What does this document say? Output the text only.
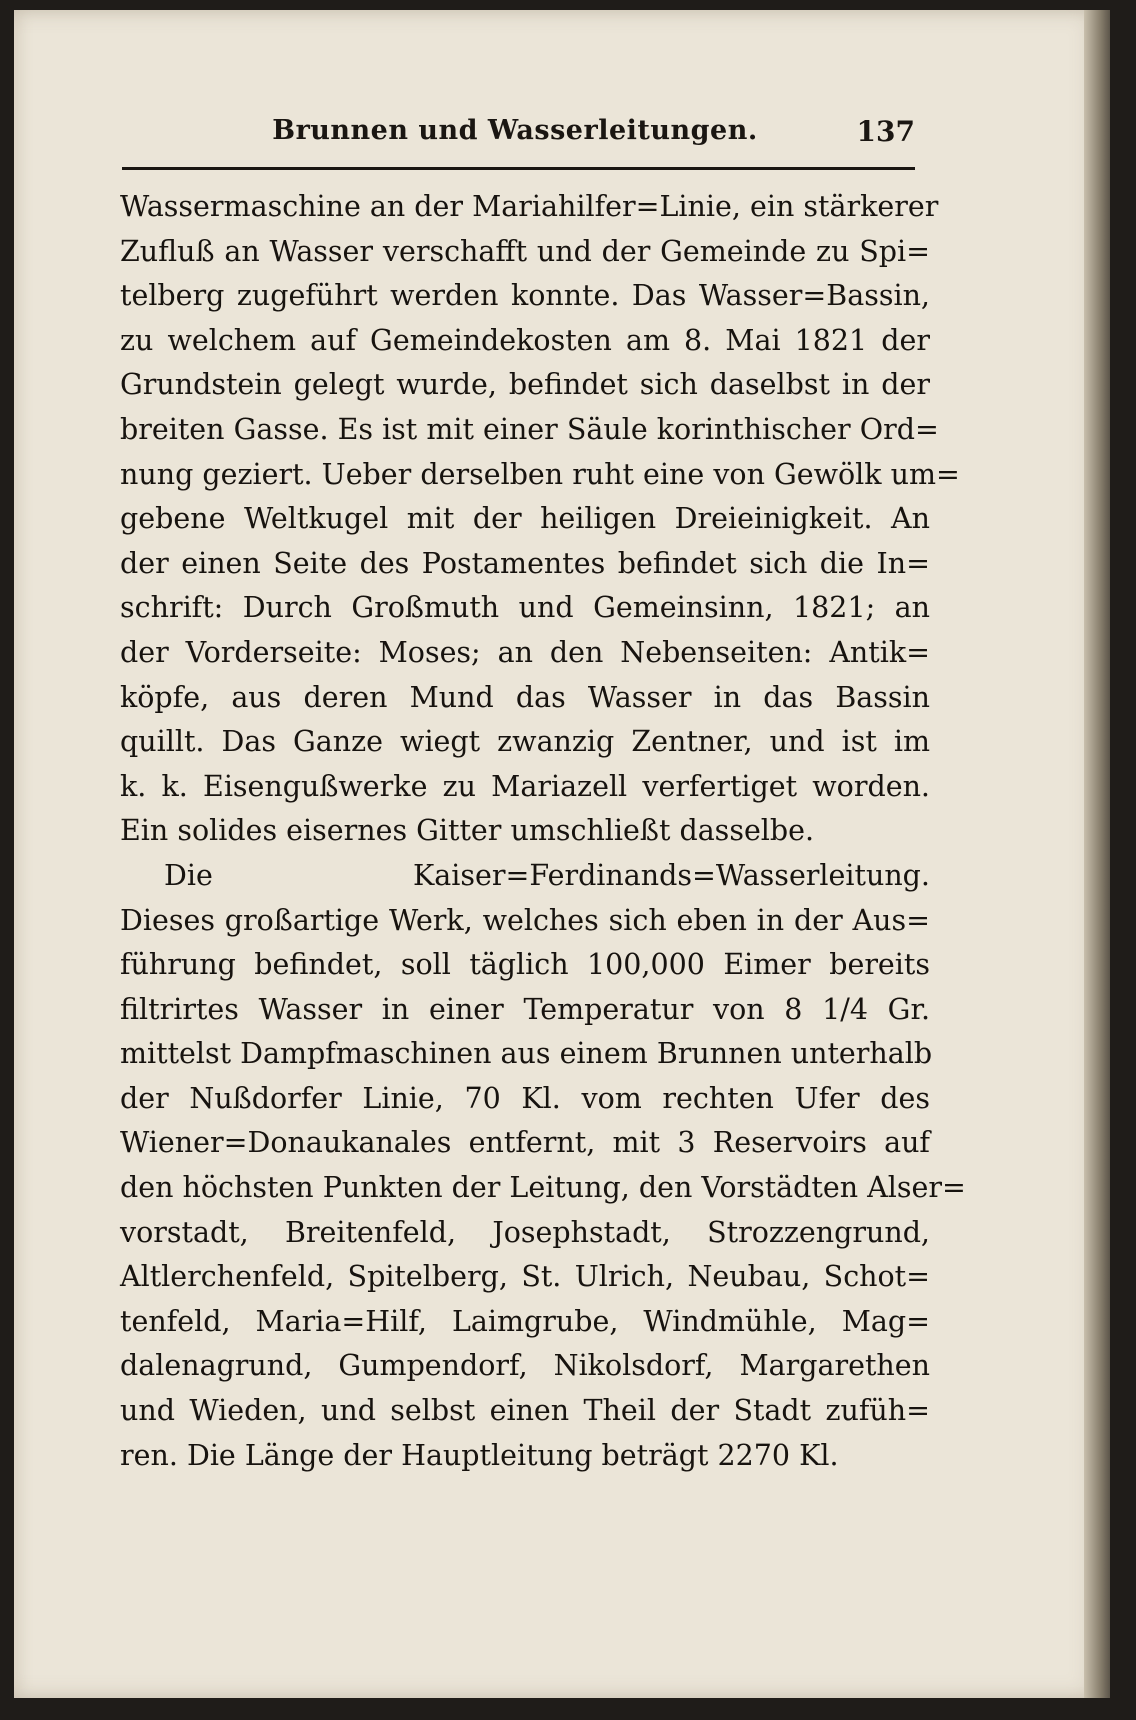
Brunnen und Wasserleitungen.	137
Wassermaschine an der Mariahilfer=Linie, ein stärkerer
Zufluß an Wasser verschafft und der Gemeinde zu Spi=
telberg zugeführt werden konnte. Das Wasser=Bassin,
zu welchem auf Gemeindekosten am 8. Mai 1821 der
Grundstein gelegt wurde, befindet sich daselbst in der
breiten Gasse. Es ist mit einer Säule korinthischer Ord=
nung geziert. Ueber derselben ruht eine von Gewölk um=
gebene Weltkugel mit der heiligen Dreieinigkeit. An
der einen Seite des Postamentes befindet sich die In=
schrift: Durch Großmuth und Gemeinsinn, 1821; an
der Vorderseite: Moses; an den Nebenseiten: Antik=
köpfe, aus deren Mund das Wasser in das Bassin
quillt. Das Ganze wiegt zwanzig Zentner, und ist im
k. k. Eisengußwerke zu Mariazell verfertiget worden.
Ein solides eisernes Gitter umschließt dasselbe.
Die Kaiser=Ferdinands=Wasserleitung.
Dieses großartige Werk, welches sich eben in der Aus=
führung befindet, soll täglich 100,000 Eimer bereits
filtrirtes Wasser in einer Temperatur von 8 1/4 Gr.
mittelst Dampfmaschinen aus einem Brunnen unterhalb
der Nußdorfer Linie, 70 Kl. vom rechten Ufer des
Wiener=Donaukanales entfernt, mit 3 Reservoirs auf
den höchsten Punkten der Leitung, den Vorstädten Alser=
vorstadt, Breitenfeld, Josephstadt, Strozzengrund,
Altlerchenfeld, Spitelberg, St. Ulrich, Neubau, Schot=
tenfeld, Maria=Hilf, Laimgrube, Windmühle, Mag=
dalenagrund, Gumpendorf, Nikolsdorf, Margarethen
und Wieden, und selbst einen Theil der Stadt zufüh=
ren. Die Länge der Hauptleitung beträgt 2270 Kl.
